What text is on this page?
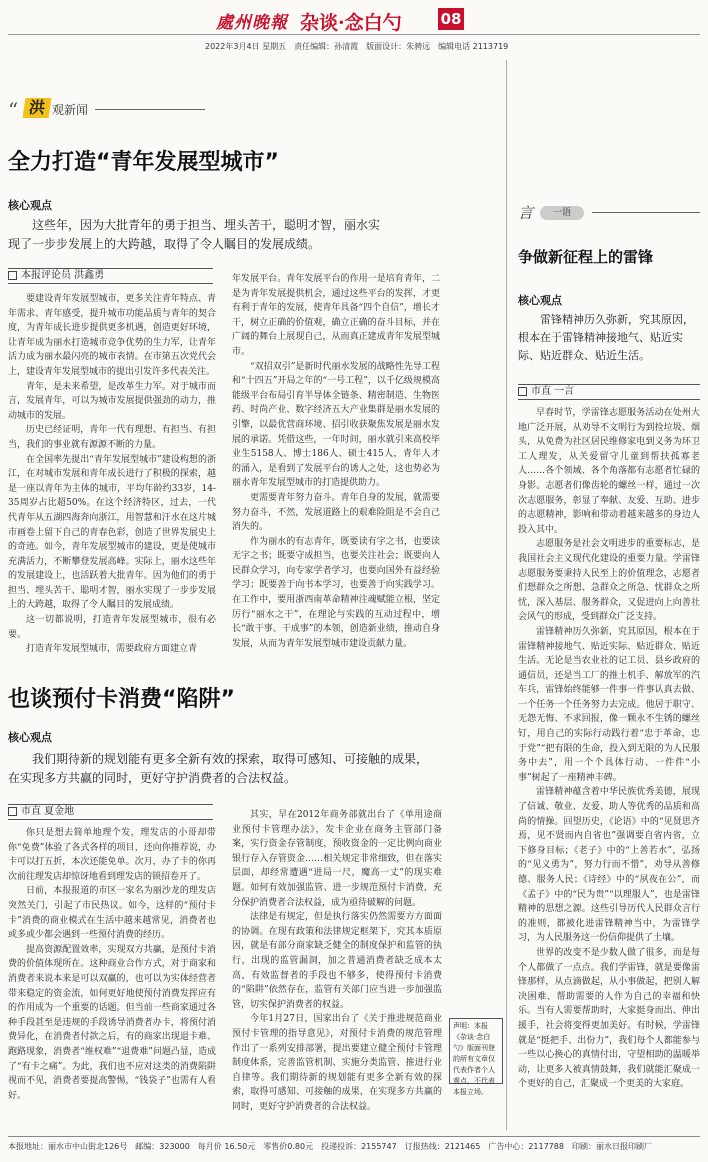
處州晚報 杂谈·念白勺	08
2022年3月4日 星期五　责任编辑：孙清霞　版面设计：朱骋远　编辑电话 2113719
“ 洪 观新闻
全力打造“青年发展型城市”
核心观点
这些年，因为大批青年的勇于担当、埋头苦干，聪明才智，丽水实现了一步步发展上的大跨越，取得了令人瞩目的发展成绩。
本报评论员 洪鑫勇

要建设青年发展型城市，更多关注青年特点、青年需求、青年感受，提升城市功能品质与青年的契合度，为青年成长进步提供更多机遇，创造更好环境，让青年成为丽水打造城市竞争优势的生力军，让青年活力成为丽水最闪亮的城市表情。在市第五次党代会上，建设青年发展型城市的提出引发许多代表关注。

青年，是未来希望，是改革生力军。对于城市而言，发展青年，可以为城市发展提供强劲的动力，推动城市的发展。

历史已经证明，青年一代有理想、有担当、有担当，我们的事业就有源源不断的力量。

在全国率先提出“青年发展型城市”建设构想的浙江，在对城市发展和青年成长进行了积极的探索，越是一座以青年为主体的城市，平均年龄约33岁，14-35周岁占比超50%。在这个经济特区，过去，一代代青年从五湖四海奔向浙江，用智慧和汗水在这片城市画卷上留下自己的青春色彩，创造了世界发展史上的奇迹。如今，青年发展型城市的建设，更是使城市充满活力，不断攀登发展高峰。实际上，丽水这些年的发展建设上，也活跃着大批青年。因为他们的勇于担当、埋头苦干、聪明才智，丽水实现了一步步发展上的大跨越，取得了令人瞩目的发展成绩。

这一切都说明，打造青年发展型城市，很有必要。

打造青年发展型城市，需要政府方面建立青

年发展平台。青年发展平台的作用一是培育青年，二是为青年发展提供机会，通过这些平台的发挥，才更有利于青年的发展，使青年具备“四个自信”，增长才干，树立正确的价值观，确立正确的奋斗目标，并在广阔的舞台上展现自己，从而真正建成青年发展型城市。

“双招双引”是新时代丽水发展的战略性先导工程和“十四五”开局之年的“一号工程”，以千亿级规模高能级平台布局引育半导体全链条、精密制造、生物医药、时尚产业、数字经济五大产业集群是丽水发展的引擎，以最优营商环境、招引收获聚焦发展是丽水发展的承诺。凭借这些，一年时间，丽水就引来高校毕业生5158人、博士186人、硕士415人，青年人才的涌入，是看到了发展平台的诱人之处，这也势必为丽水青年发展型城市的打造提供助力。

更需要青年努力奋斗。青年自身的发展，就需要努力奋斗，不然，发展道路上的艰难险阻是不会自己消失的。

作为丽水的有志青年，既要读有字之书，也要读无字之书；既要守成担当，也要关注社会；既要向人民群众学习，向专家学者学习，也要向国外有益经验学习；既要善于向书本学习，也要善于向实践学习。在工作中，要用浙西南革命精神注魂赋能立根，坚定厉行“丽水之干”，在理论与实践的互动过程中，增长“敢干事、干成事”的本领，创造新业绩，推动自身发展，从而为青年发展型城市建设贡献力量。

也谈预付卡消费“陷阱”
核心观点
我们期待新的规划能有更多全新有效的探索，取得可感知、可接触的成果，在实现多方共赢的同时，更好守护消费者的合法权益。
市直 夏金地

你只是想去简单地理个发，理发店的小哥却带你“免费”体验了各式各样的项目，还向你推荐说，办卡可以打五折，本次还能免单。次月，办了卡的你再次前往理发店却惊讶地看到理发店的锁招卷开了。

日前，本报报道的市区一家名为丽沙龙的理发店突然关门，引起了市民热议。如今，这样的“预付卡卡”消费的商业模式在生活中越来越常见，消费者也或多或少都会遇到一些预付消费的经历。

提高资源配置效率，实现双方共赢，是预付卡消费的价值体现所在。这种商业合作方式，对于商家和消费者来说本来是可以双赢的，也可以为实体经营者带来稳定的资金流，如何更好地使预付消费发挥应有的作用成为一个重要的话题。但当前一些商家通过各种手段甚至是违规的手段诱导消费者办卡，将预付消费异化，在消费者付款之后，有的商家出现退卡难、跑路现象，消费者“维权难”“退费难”问题凸显，造成了“有卡之痛”。为此，我们也不应对这类的消费陷阱视而不见，消费者要提高警惕，“钱袋子”也需有人看好。

其实，早在2012年商务部就出台了《单用途商业预付卡管理办法》，发卡企业在商务主管部门备案，实行资金存管制度，预收资金的一定比例向商业银行存入存管资金……相关规定非常细致，但在落实层面，却经常遭遇“进局一尺，魔高一丈”的现实难题。如何有效加强监管、进一步规范预付卡消费，充分保护消费者合法权益，成为亟待破解的问题。

法律是有规定，但是执行落实仍然需要方方面面的协调。在现有政策和法律规定框架下，究其本质原因，就是有部分商家缺乏健全的制度保护和监管的执行，出现的监管漏洞，加之普通消费者缺乏成本太高，有效监督者的手段也不够多，使得预付卡消费的“陷阱”依然存在，监管有关部门应当进一步加强监管，切实保护消费者的权益。

今年1月27日，国家出台了《关于推进规范商业预付卡管理的指导意见》，对预付卡消费的规范管理作出了一系列安排部署，提出要建立健全预付卡管理制度体系，完善监管机制、实施分类监管、推进行业自律等。我们期待新的规划能有更多全新有效的探索，取得可感知、可接触的成果，在实现多方共赢的同时，更好守护消费者的合法权益。

声明：本报《杂谈·念白勺》版面刊登的所有文章仅代表作者个人观点，不代表本报立场。
言	一语
争做新征程上的雷锋
核心观点
雷锋精神历久弥新，究其原因，根本在于雷锋精神接地气、贴近实际、贴近群众、贴近生活。
市直 一言

早春时节，学雷锋志愿服务活动在处州大地广泛开展，从劝导不文明行为到捡垃圾、烟头，从免费为社区居民维修家电到义务为环卫工人理发，从关爱留守儿童到帮扶孤寡老人……各个领域、各个角落都有志愿者忙碌的身影。志愿者们像齿轮的螺丝一样，通过一次次志愿服务，彰显了奉献、友爱、互助、进步的志愿精神，影响和带动着越来越多的身边人投入其中。

志愿服务是社会文明进步的重要标志，是我国社会主义现代化建设的重要力量。学雷锋志愿服务要秉持人民至上的价值理念，志愿者们想群众之所想、急群众之所急、忧群众之所忧，深入基层、服务群众，又促进向上向善社会风气的形成，受到群众广泛支持。

雷锋精神历久弥新，究其原因，根本在于雷锋精神接地气、贴近实际、贴近群众、贴近生活。无论是当农业社的记工员、县乡政府的通信员，还是当工厂的推土机手、解放军的汽车兵，雷锋始终能够一件事一件事认真去做、一个任务一个任务努力去完成。他居于职守、无怨无悔、不求回报，像一颗永不生锈的螺丝钉，用自己的实际行动践行着“忠于革命，忠于党”“把有限的生命，投入到无限的为人民服务中去”，用一个个具体行动、一件件“小事”树起了一座精神丰碑。

雷锋精神蕴含着中华民族优秀美德，展现了信诚、敬业、友爱、助人等优秀的品质和高尚的情操。回望历史，《论语》中的“见贤思齐焉，见不贤而内自省也”强调要自省内省，立下修身目标；《老子》中的“上善若水”，弘扬的“见义勇为”，努力行而不惜”，劝导从善修德、服务人民；《诗经》中的“夙夜在公”，而《孟子》中的“民为贵”“以理服人”，也是雷锋精神的思想之源。这些引导历代人民群众言行的准则，都被化进雷锋精神当中，为雷锋学习，为人民服务这一份信仰提供了土壤。

世界的改变不是少数人做了很多，而是每个人都做了一点点。我们学雷锋，就是要像雷锋那样，从点滴做起，从小事做起，把别人解决困难、帮助需要的人作为自己的幸福和快乐。当有人需要帮助时，大家挺身而出、伸出援手，社会将变得更加美好。有时候，学雷锋就是“挺把手、出份力”，我们每个人都能参与一些以心换心的真情付出，守望相助的温暖举动，让更多人被真情鼓舞，我们就能汇聚成一个更好的自己，汇聚成一个更美的大家庭。

本报地址：丽水市中山街北126号　邮编：323000　每月价 16.50元　零售价0.80元　投递投诉：2155747　订报热线：2121465　广告中心：2117788　印刷：丽水日报印刷厂
